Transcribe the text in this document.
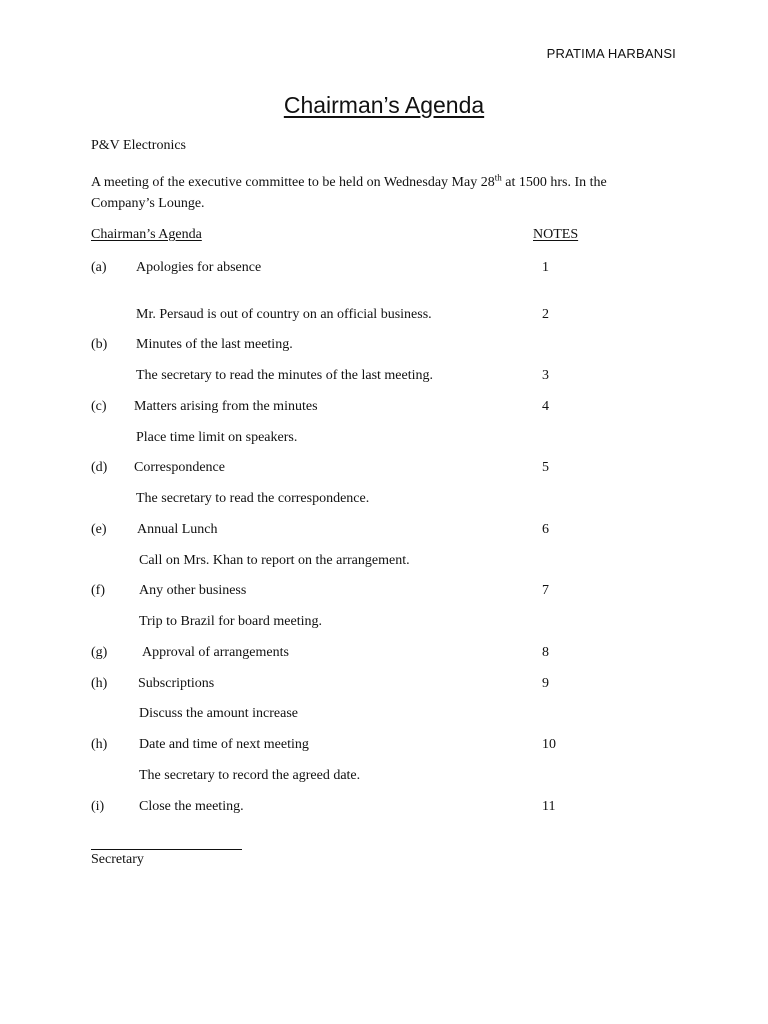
PRATIMA HARBANSI
Chairman’s Agenda
P&V Electronics
A meeting of the executive committee to be held on Wednesday May 28th at 1500 hrs. In the Company’s Lounge.
Chairman’s Agenda	NOTES
(a) Apologies for absence	1
Mr. Persaud is out of country on an official business.	2
(b) Minutes of the last meeting.
The secretary to read the minutes of the last meeting.	3
(c) Matters arising from the minutes	4
Place time limit on speakers.
(d) Correspondence	5
The secretary to read the correspondence.
(e) Annual Lunch	6
Call on Mrs. Khan to report on the arrangement.
(f) Any other business	7
Trip to Brazil for board meeting.
(g) Approval of arrangements	8
(h) Subscriptions	9
Discuss the amount increase
(h) Date and time of next meeting	10
The secretary to record the agreed date.
(i) Close the meeting.	11
Secretary
